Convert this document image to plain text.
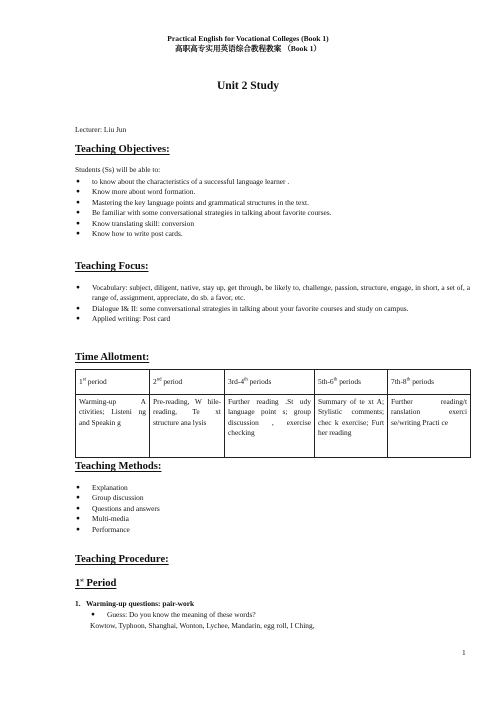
Practical English for Vocational Colleges (Book 1)
高职高专实用英语综合教程教案 （Book 1）
Unit 2 Study
Lecturer: Liu Jun
Teaching Objectives:
Students (Ss) will be able to:
● to know about the characteristics of a successful language learner .
● Know more about word formation.
● Mastering the key language points and grammatical structures in the text.
● Be familiar with some conversational strategies in talking about favorite courses.
● Know translating skill: conversion
● Know how to write post cards.
Teaching Focus:
● Vocabulary: subject, diligent, native, stay up, get through, be likely to, challenge, passion, structure, engage, in short, a set of, a range of, assignment, appreciate, do sb. a favor, etc.
● Dialogue I& II: some conversational strategies in talking about your favorite courses and study on campus.
● Applied writing: Post card
Time Allotment:
1st period	2nd period	3rd-4th periods	5th-6th periods	7th-8th periods
Warming-up A ctivities; Listeni ng and Speakin g	Pre-reading, W hile-reading, Te xt structure ana lysis	Further reading .St udy language point s; group discussion , exercise checking	Summary of te xt A; Stylistic comments; chec k exercise; Furt her reading	Further reading/t ranslation exerci se/writing Practi ce
Teaching Methods:
● Explanation
● Group discussion
● Questions and answers
● Multi-media
● Performance
Teaching Procedure:
1st Period
1.   Warming-up questions: pair-work
● Guess: Do you know the meaning of these words?
Kowtow, Typhoon, Shanghai, Wonton, Lychee, Mandarin, egg roll, I Ching,
1
